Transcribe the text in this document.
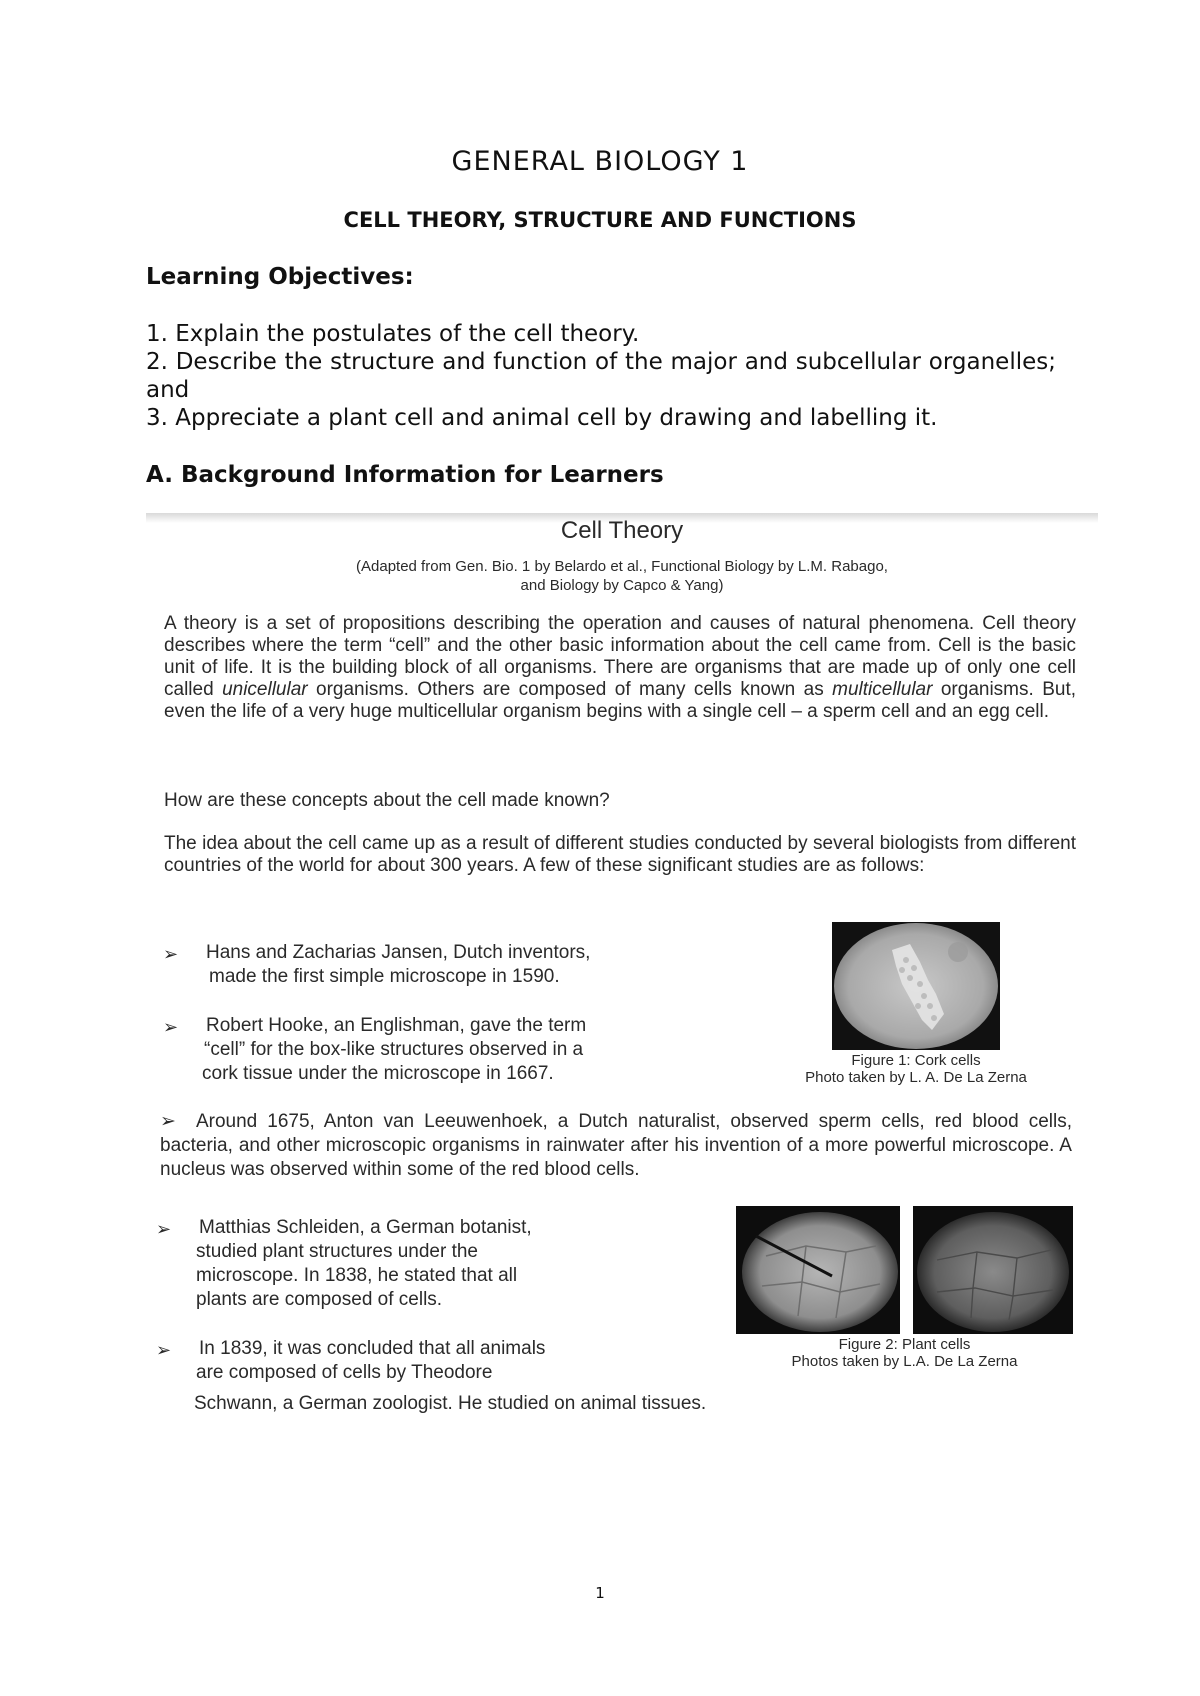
GENERAL BIOLOGY 1
CELL THEORY, STRUCTURE AND FUNCTIONS
Learning Objectives:
1. Explain the postulates of the cell theory.
2. Describe the structure and function of the major and subcellular organelles; and
3. Appreciate a plant cell and animal cell by drawing and labelling it.
A. Background Information for Learners
Cell Theory
(Adapted from Gen. Bio. 1 by Belardo et al., Functional Biology by L.M. Rabago,
and Biology by Capco & Yang)
A theory is a set of propositions describing the operation and causes of natural phenomena. Cell theory describes where the term “cell” and the other basic information about the cell came from. Cell is the basic unit of life. It is the building block of all organisms. There are organisms that are made up of only one cell called unicellular organisms. Others are composed of many cells known as multicellular organisms. But, even the life of a very huge multicellular organism begins with a single cell – a sperm cell and an egg cell.
How are these concepts about the cell made known?
The idea about the cell came up as a result of different studies conducted by several biologists from different countries of the world for about 300 years. A few of these significant studies are as follows:
➢ Hans and Zacharias Jansen, Dutch inventors,
made the first simple microscope in 1590.
➢ Robert Hooke, an Englishman, gave the term
“cell” for the box-like structures observed in a
cork tissue under the microscope in 1667.
Figure 1: Cork cells
Photo taken by L. A. De La Zerna
➢ Around 1675, Anton van Leeuwenhoek, a Dutch naturalist, observed sperm cells, red blood cells, bacteria, and other microscopic organisms in rainwater after his invention of a more powerful microscope. A nucleus was observed within some of the red blood cells.
➢ Matthias Schleiden, a German botanist,
studied plant structures under the
microscope. In 1838, he stated that all
plants are composed of cells.
Figure 2: Plant cells
Photos taken by L.A. De La Zerna
➢ In 1839, it was concluded that all animals
are composed of cells by Theodore
Schwann, a German zoologist. He studied on animal tissues.
1
